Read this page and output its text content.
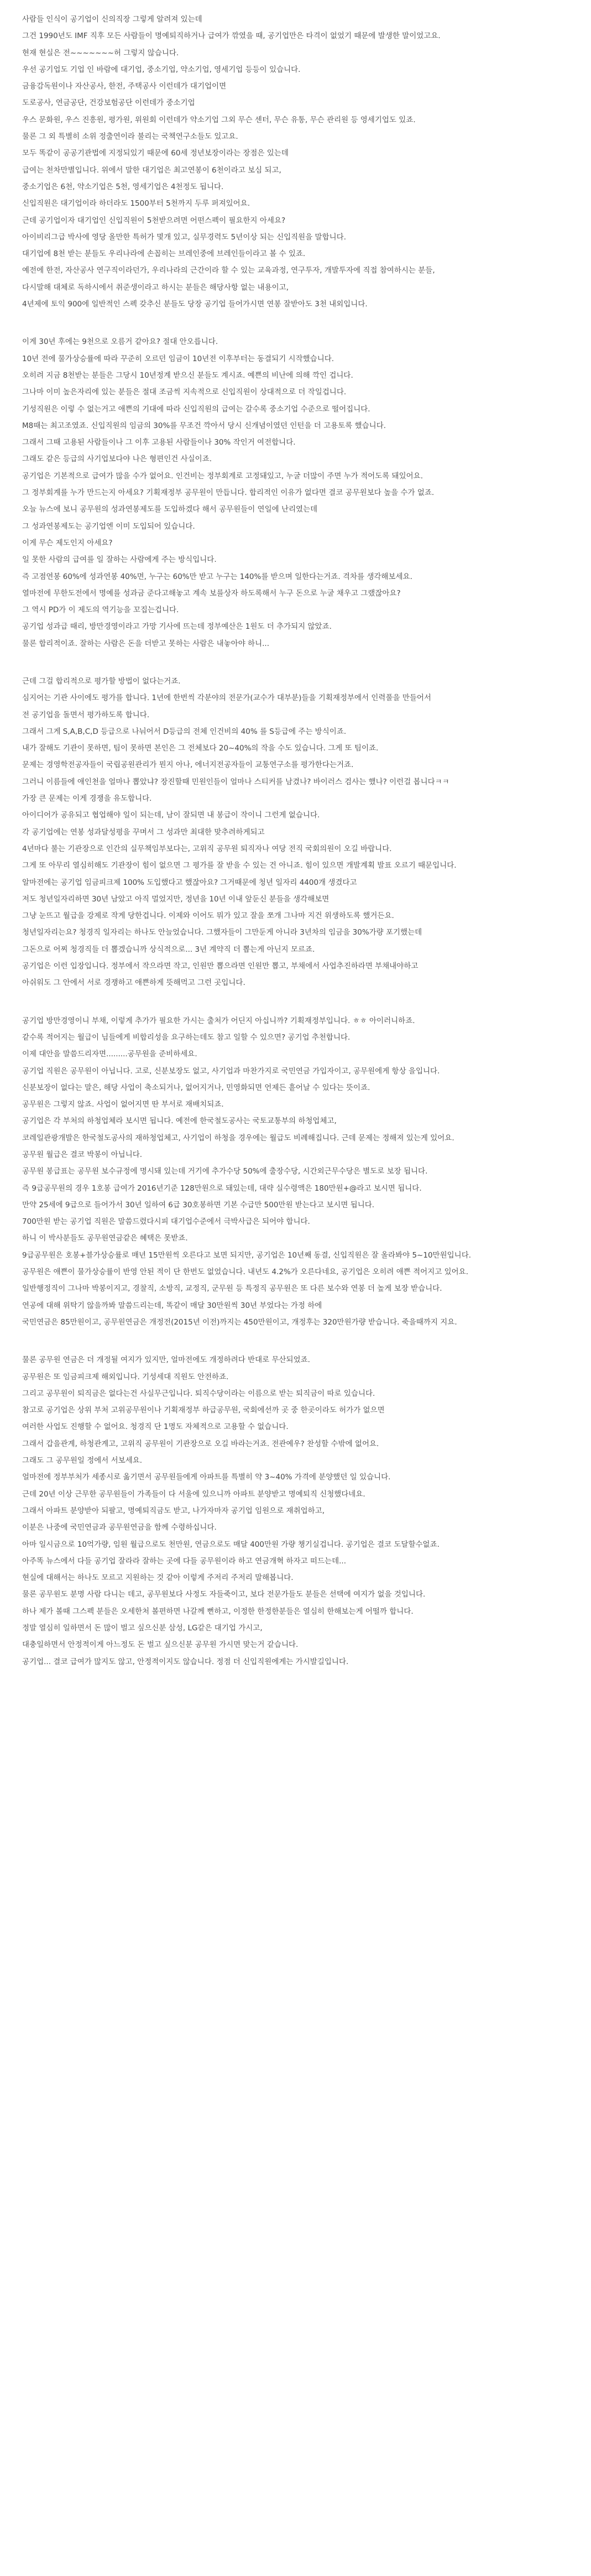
사람들 인식이 공기업이 신의직장 그렇게 알려져 있는데

그건 1990년도 IMF 직후 모든 사람들이 명예퇴직하거나 급여가 깎였을 때, 공기업만은 타격이 없었기 때문에 발생한 말이었고요.

현재 현실은 전~~~~~~~허 그렇지 않습니다.

우선 공기업도 기업 인 바람에 대기업, 중소기업, 약소기업, 영세기업 등등이 있습니다.

금융감독원이나 자산공사, 한전, 주택공사 이런데가 대기업이면

도로공사, 연금공단, 건강보험공단 이런데가 중소기업

우스 문화원, 우스 진흥원, 평가원, 위원회 이런데가 약소기업 그외 무슨 센터, 무슨 유통, 무슨 관리원 등 영세기업도 있죠.

물론 그 외 특별히 소위 정출연이라 불리는 국책연구소들도 있고요.

모두 똑같이 공공기관법에 지정되있기 때문에 60세 정년보장이라는 장점은 있는데

급여는 천차만별입니다. 위에서 말한 대기업은 최고연봉이 6천이라고 보심 되고,

중소기업은 6천, 약소기업은 5천, 영세기업은 4천정도 됩니다.

신입직원은 대기업이라 하더라도 1500부터 5천까지 두루 퍼져있어요.

근데 공기업이자 대기업인 신입직원이 5천받으려면 어떤스펙이 필요한지 아세요?

아이비리그급 박사에 영당 올만한 특허가 몇개 있고, 실무경력도 5년이상 되는 신입직원을 말합니다.

대기업에 8천 받는 분들도 우리나라에 손꼽히는 브레인중에 브레인들이라고 볼 수 있죠.

예전에 한전, 자산공사 연구직이라던가, 우리나라의 근간이라 할 수 있는 교육과정, 연구투자, 개발투자에 직접 참여하시는 분들,

다시말해 대체로 독하시에서 취준생이라고 하시는 분들은 해당사항 없는 내용이고,

4년제에 토익 900에 일반적인 스펙 갖추신 분들도 당장 공기업 들어가시면 연봉 잘받아도 3천 내외입니다.

이게 30년 후에는 9천으로 오름거 같아요? 절대 안오릅니다.

10년 전에 물가상승률에 따라 꾸준히 오르던 임금이 10년전 이후부터는 동결되기 시작했습니다.

오히려 지금 8천받는 분들은 그당시 10년정계 받으신 분들도 계시죠. 예쁜의 비난에 의해 깍인 겁니다.

그나마 이미 높은자리에 있는 분들은 절대 조금씩 지속적으로 신입직원이 상대적으로 더 작일겁니다.

기성직원은 이렇 수 없는거고 애쁜의 기대에 따라 신입직원의 급여는 갈수록 중소기업 수준으로 떨어집니다.

M8때는 최고조였죠. 신입직원의 임금의 30%를 무조건 깍아서 당시 신개념이였던 인턴을 더 고용토록 했습니다.

그래서 그때 고용된 사람들이나 그 이후 고용된 사람들이나 30% 작인거 여전합니다.

그래도 같은 등급의 사기업보다야 나은 형편인건 사실이죠.

공기업은 기본적으로 급여가 많을 수가 없어요. 인건비는 정부회계로 고정돼있고, 누굴 더많이 주면 누가 적어도록 돼있어요.

그 정부회계를 누가 만드는지 아세요? 기획재정부 공무원이 만듭니다. 합리적인 이유가 없다면 결코 공무원보다 높을 수가 없죠.

오늘 뉴스에 보니 공무원의 성과연봉제도를 도입하겠다 해서 공무원들이 연일에 난리였는데

그 성과연봉제도는 공기업엔 이미 도입되어 있습니다.

이게 무슨 제도인지 아세요?

일 못한 사람의 급여를 일 잘하는 사람에게 주는 방식입니다.

즉 고점연봉 60%에 성과연봉 40%면, 누구는 60%만 받고 누구는 140%를 받으며 일한다는거죠. 격차를 생각해보세요.

열마전에 무한도전에서 명예를 성과금 준다고해놓고 계속 보를상자 하도록해서 누구 돈으로 누굴 채우고 그랬잖아요?

그 역시 PD가 이 제도의 역기능을 꼬집는겁니다.

공기업 성과급 때리, 방만경영이라고 가망 기사에 뜨는데 정부예산은 1원도 더 추가되지 않았죠.

물론 합리적이죠. 잘하는 사람은 돈을 더받고 못하는 사람은 내놓아야 하니...

근데 그걸 합리적으로 평가할 방법이 없다는거죠.

심지어는 기관 사이에도 평가를 합니다. 1년에 한번씩 각분야의 전문가(교수가 대부분)들을 기획재정부에서 인력풀을 만들어서

전 공기업을 돌면서 평가하도록 합니다.

그래서 그게 S,A,B,C,D 등급으로 나눠어서 D등급의 전체 인건비의 40% 를 S등급에 주는 방식이죠.

내가 잘해도 기관이 못하면, 팀이 못하면 본인은 그 전체보다 20~40%의 작을 수도 있습니다. 그게 또 팀이죠.

문제는 경영학전공자들이 국립공원관리가 뭔지 아나, 에너지전공자들이 교통연구소를 평가한다는거죠.

그러니 이름들에 애인천을 얼마나 뽑았냐? 장진할때 민원인들이 얼마나 스티커를 남겼나? 바이러스 검사는 했나? 이런걸 봅니다ㅋㅋ

가장 큰 문제는 이게 경쟁을 유도합니다.

아이디어가 공유되고 협업해야 일이 되는데, 남이 잘되면 내 봉급이 작이니 그런게 없습니다.

각 공기업에는 연봉 성과달성평을 꾸며서 그 성과만 최대한 맞추려하게되고

4년마다 불는 기관장으로 인간의 실무책임부보다는, 고위직 공무원 퇴직자나 여당 전직 국회의원이 오길 바랍니다.

그게 또 아무리 열심히해도 기관장이 힘이 없으면 그 평가를 잘 받을 수 있는 건 아니죠. 힘이 있으면 개발계획 발표 오르기 때문입니다.

알마전에는 공기업 임금피크제 100% 도입했다고 했잖아요? 그거때문에 청년 일자리 4400개 생겼다고

저도 청년일자리하면 30년 남았고 아직 멀었지만, 정년을 10년 이내 앞둔신 분들을 생각해보면

그냥 눈뜨고 월급을 강제로 작게 당한겁니다. 이제와 이어도 뭐가 있고 잘을 쪼개 그나마 지건 위생하도록 했거든요.

청년일자리는요? 청경직 일자리는 하나도 안늘었습니다. 그했자들이 그만둔게 아니라 3년차의 임금을 30%가량 포기했는데

그돈으로 어찌 청경직들 더 뽑겠습니까 상식적으로... 3년 계약직 더 뽑는게 아닌지 모르죠.

공기업은 이런 입장입니다. 정부에서 작으라면 작고, 인원만 뽑으라면 인원만 뽑고, 부채에서 사업추진하라면 부채내야하고

아쉬워도 그 안에서 서로 경쟁하고 애쁜하게 뜻해먹고 그런 곳입니다.

공기업 방만경영이니 부채, 이렇게 추가가 필요한 가시는 출처가 어딘지 아십니까? 기획재정부입니다. ㅎㅎ 아이러니하죠.

같수록 적어지는 월급이 님들에게 비합리성을 요구하는데도 참고 일할 수 있으면? 공기업 추천합니다.

이제 대안을 말씀드리자면.........공무원을 준비하세요.

공기업 직원은 공무원이 아닙니다. 고로, 신분보장도 없고, 사기업과 마찬가지로 국민연금 가입자이고, 공무원에게 항상 을입니다.

신분보장이 없다는 말은, 해당 사업이 축소되거나, 없어지거나, 민영화되면 언제든 흩어날 수 있다는 뜻이죠.

공무원은 그렇지 않죠. 사업이 없어지면 딴 부서로 재배치되죠.

공기업은 각 부처의 하청업체라 보시면 됩니다. 예전에 한국철도공사는 국토교통부의 하청업체고,

코레일관광개발은 한국철도공사의 재하청업체고, 사기업이 하청을 경우에는 월급도 비례해집니다. 근데 문제는 정해져 있는게 있어요.

공무원 월급은 결코 박봉이 아닙니다.

공무원 봉급표는 공무원 보수규정에 명시돼 있는데 거기에 추가수당 50%에 출장수당, 시간외근무수당은 별도로 보장 됩니다.

즉 9급공무원의 경우 1호봉 급여가 2016년기준 128만원으로 돼있는데, 대략 실수령액은 180만원+@라고 보시면 됩니다.

만약 25세에 9급으로 들어가서 30년 일하여 6급 30호봉하면 기본 수급만 500만원 받는다고 보시면 됩니다.

700만원 받는 공기업 직원은 말씀드렸다시피 대기업수준에서 극박사급은 되어야 합니다.

하니 이 박사분들도 공무원연금같은 혜택은 못받죠.

9급공무원은 호봉+블가상승률로 매년 15만원씩 오른다고 보면 되지만, 공기업은 10년째 동결, 신입직원은 잘 올라봐야 5~10만원입니다.

공무원은 애쁜이 물가상승률이 반영 안된 적이 단 한번도 없었습니다. 내년도 4.2%가 오른다네요, 공기업은 오히려 애쁜 적어지고 있어요.

일반행정직이 그나마 박봉이지고, 경찰직, 소방직, 교정직, 군무원 등 특정직 공무원은 또 다른 보수와 연봉 더 높게 보장 받습니다.

연공에 대해 위탁기 않을까봐 말씀드리는데, 똑같이 매달 30만원씩 30년 부었다는 가정 하에

국민연금은 85만원이고, 공무원연금은 개정전(2015년 이전)까지는 450만원이고, 개정후는 320만원가량 받습니다. 죽을때까지 지요.

물론 공무원 연금은 더 개정될 여지가 있지만, 얼마전에도 개정하려다 반대로 무산되었죠.

공무원은 또 임금피크제 해외입니다. 기성세대 직원도 안전하죠.

그리고 공무원이 퇴직금은 없다는건 사실무근입니다. 퇴직수당이라는 이름으로 받는 퇴직금이 따로 있습니다.

참고로 공기업은 상위 부처 고위공무원이나 기획재정부 하급공무원, 국회에선까 곳 중 한곳이라도 허가가 없으면

여러한 사업도 진행할 수 없어요. 청경직 단 1명도 자체적으로 고용할 수 없습니다.

그래서 갑을관계, 하청관계고, 고위직 공무원이 기관장으로 오길 바라는거죠. 전관예우? 찬성할 수밖에 없어요.

그래도 그 공무원일 정에서 서보세요.

얼마전에 정부부처가 세종시로 옮기면서 공무원들에게 아파트를 특별히 약 3~40% 가격에 분양했던 일 있습니다.

근데 20년 이상 근무한 공무원들이 가족들이 다 서울에 있으니까 아파트 분양받고 명예퇴직 신청했다네요.

그래서 아파트 분양받아 되팔고, 명예퇴직금도 받고, 나가자마자 공기업 임원으로 재취업하고,

이분은 나중에 국민연금과 공무원연금을 함께 수령하십니다.

아마 일시금으로 10억가량, 임원 월급으로도 천만원, 연금으로도 매달 400만원 가량 챙기실겁니다. 공기업은 결코 도달할수없죠.

아주똑 뉴스에서 다들 공기업 잘라라 잘하는 곳에 다들 공무원이라 하고 연금개혁 하자고 떠드는데...

현실에 대해서는 하나도 모르고 지원하는 것 같아 이렇게 주저리 주저리 말해봅니다.

물론 공무원도 분명 사람 다니는 데고, 공무원보다 사정도 자들죽이고, 보다 전문가들도 분들은 선택에 여지가 없을 것입니다.

하나 제가 볼때 그스펙 분들은 오세한처 볼편하면 나갈께 뻔하고, 이정한 한정한분들은 열심히 한해보는게 어떨까 합니다.

정말 열심히 일하면서 돈 많이 벌고 싶으신분 삼성, LG같은 대기업 가시고,

대충일하면서 안정적이게 아느정도 돈 벌고 싶으신분 공무원 가시면 맞는거 같습니다.

공기업... 결코 급여가 많지도 않고, 안정적이지도 않습니다. 정점 더 신입직원에게는 가시발길입니다.
